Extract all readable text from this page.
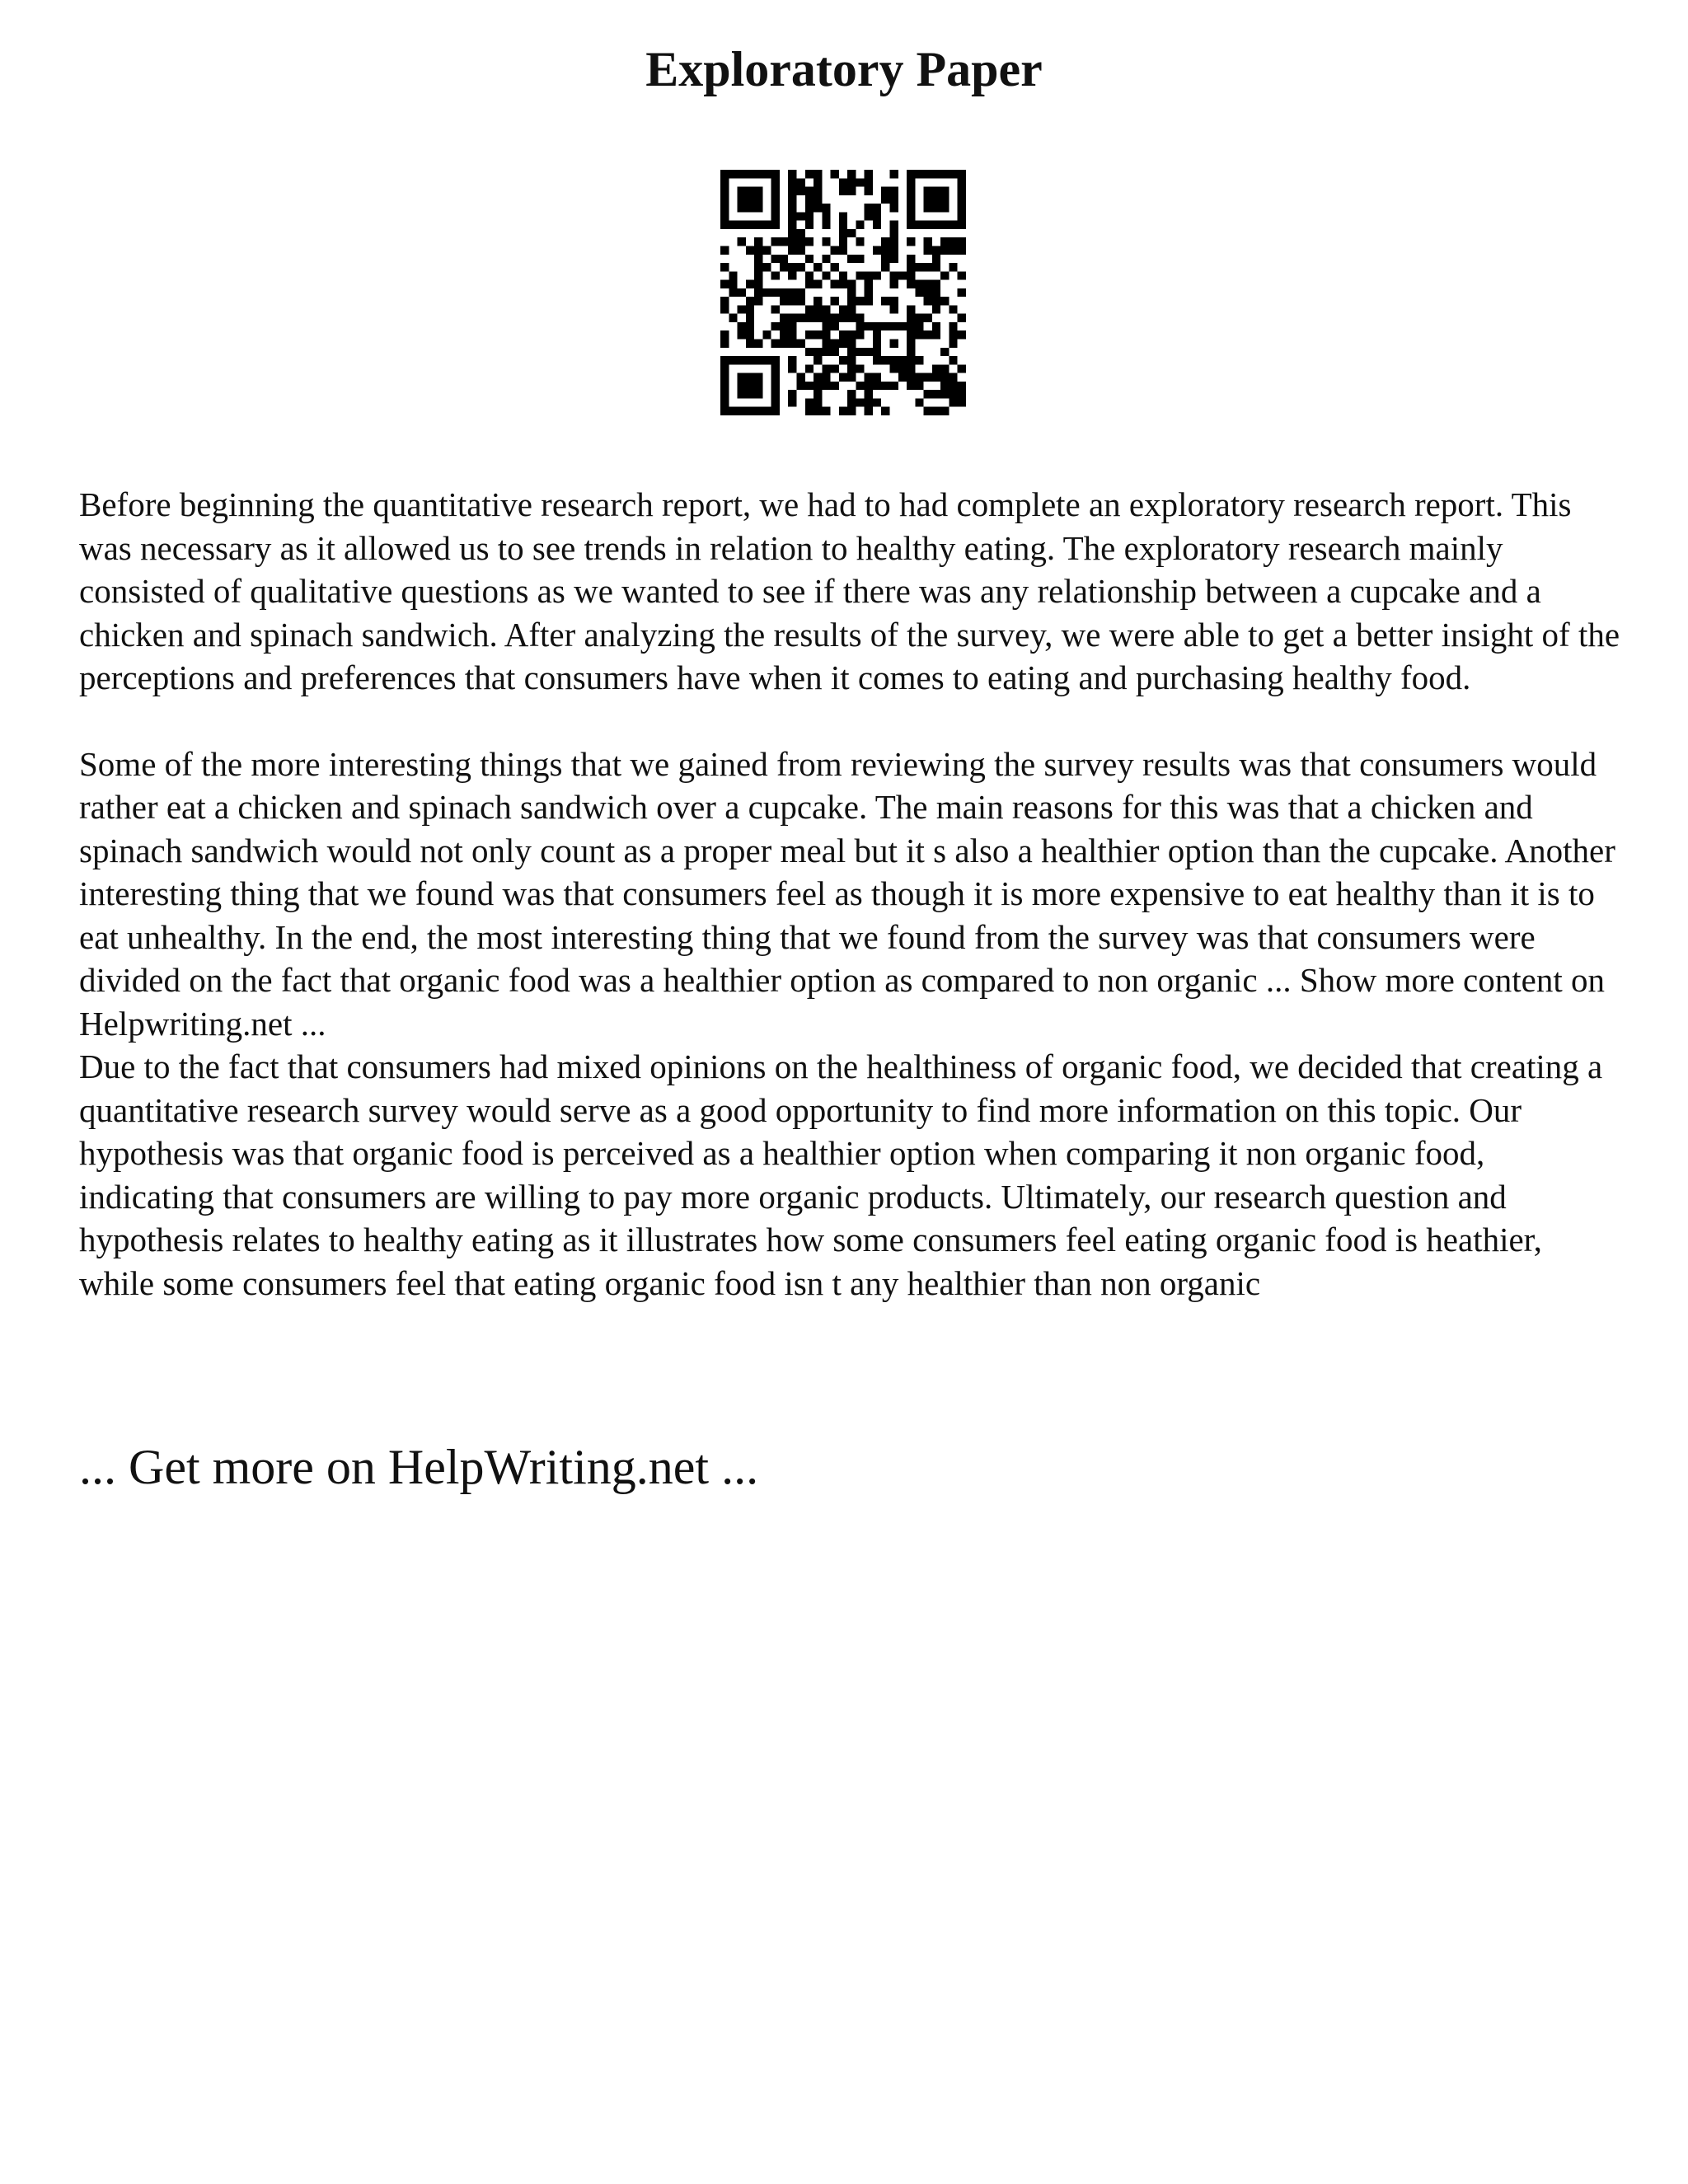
Exploratory Paper

Before beginning the quantitative research report, we had to had complete an exploratory research report. This was necessary as it allowed us to see trends in relation to healthy eating. The exploratory research mainly consisted of qualitative questions as we wanted to see if there was any relationship between a cupcake and a chicken and spinach sandwich. After analyzing the results of the survey, we were able to get a better insight of the perceptions and preferences that consumers have when it comes to eating and purchasing healthy food.

Some of the more interesting things that we gained from reviewing the survey results was that consumers would rather eat a chicken and spinach sandwich over a cupcake. The main reasons for this was that a chicken and spinach sandwich would not only count as a proper meal but it s also a healthier option than the cupcake. Another interesting thing that we found was that consumers feel as though it is more expensive to eat healthy than it is to eat unhealthy. In the end, the most interesting thing that we found from the survey was that consumers were divided on the fact that organic food was a healthier option as compared to non organic ... Show more content on Helpwriting.net ...

Due to the fact that consumers had mixed opinions on the healthiness of organic food, we decided that creating a quantitative research survey would serve as a good opportunity to find more information on this topic. Our hypothesis was that organic food is perceived as a healthier option when comparing it non organic food, indicating that consumers are willing to pay more organic products. Ultimately, our research question and hypothesis relates to healthy eating as it illustrates how some consumers feel eating organic food is heathier, while some consumers feel that eating organic food isn t any healthier than non organic

... Get more on HelpWriting.net ...
